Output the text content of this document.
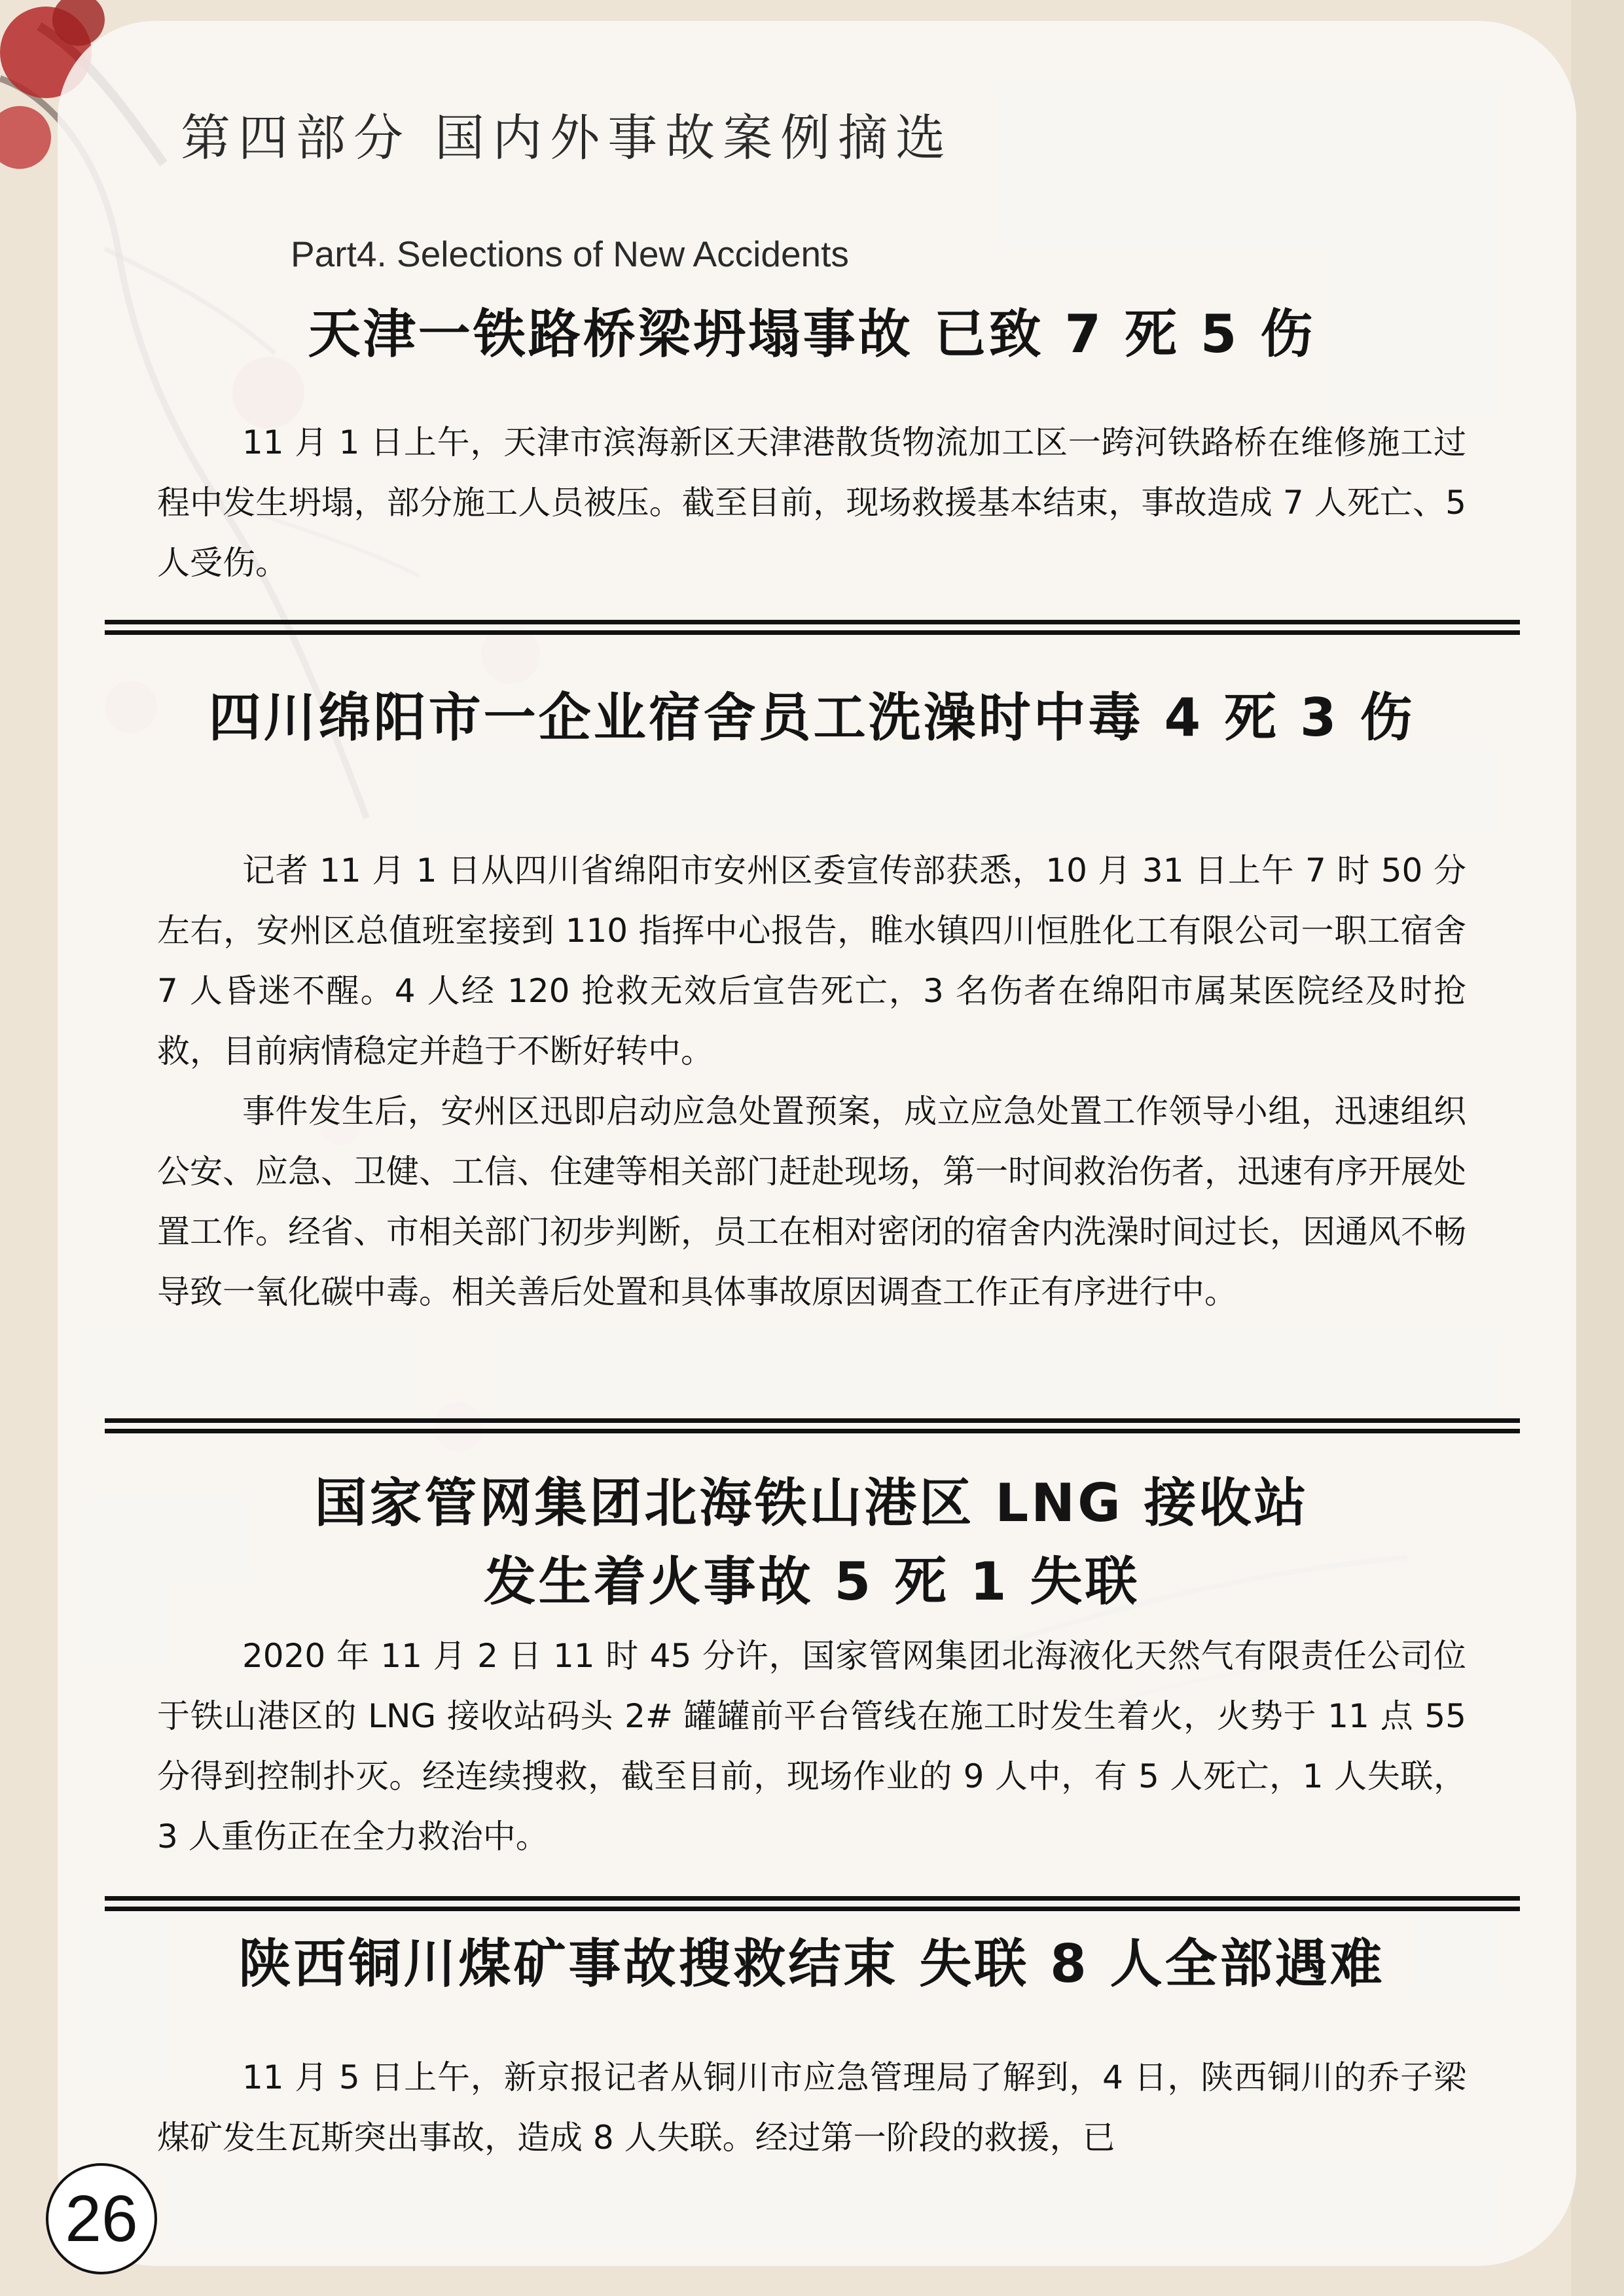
第四部分 国内外事故案例摘选
Part4. Selections of New Accidents
天津一铁路桥梁坍塌事故 已致 7 死 5 伤

11 月 1 日上午，天津市滨海新区天津港散货物流加工区一跨河铁路桥在维修施工过程中发生坍塌，部分施工人员被压。截至目前，现场救援基本结束，事故造成 7 人死亡、5 人受伤。

四川绵阳市一企业宿舍员工洗澡时中毒 4 死 3 伤

记者 11 月 1 日从四川省绵阳市安州区委宣传部获悉，10 月 31 日上午 7 时 50 分左右，安州区总值班室接到 110 指挥中心报告，睢水镇四川恒胜化工有限公司一职工宿舍 7 人昏迷不醒。4 人经 120 抢救无效后宣告死亡，3 名伤者在绵阳市属某医院经及时抢救，目前病情稳定并趋于不断好转中。

事件发生后，安州区迅即启动应急处置预案，成立应急处置工作领导小组，迅速组织公安、应急、卫健、工信、住建等相关部门赶赴现场，第一时间救治伤者，迅速有序开展处置工作。经省、市相关部门初步判断，员工在相对密闭的宿舍内洗澡时间过长，因通风不畅导致一氧化碳中毒。相关善后处置和具体事故原因调查工作正有序进行中。

国家管网集团北海铁山港区 LNG 接收站
发生着火事故 5 死 1 失联

2020 年 11 月 2 日 11 时 45 分许，国家管网集团北海液化天然气有限责任公司位于铁山港区的 LNG 接收站码头 2# 罐罐前平台管线在施工时发生着火，火势于 11 点 55 分得到控制扑灭。经连续搜救，截至目前，现场作业的 9 人中，有 5 人死亡，1 人失联，3 人重伤正在全力救治中。

陕西铜川煤矿事故搜救结束 失联 8 人全部遇难

11 月 5 日上午，新京报记者从铜川市应急管理局了解到，4 日，陕西铜川的乔子梁煤矿发生瓦斯突出事故，造成 8 人失联。经过第一阶段的救援，已

26
